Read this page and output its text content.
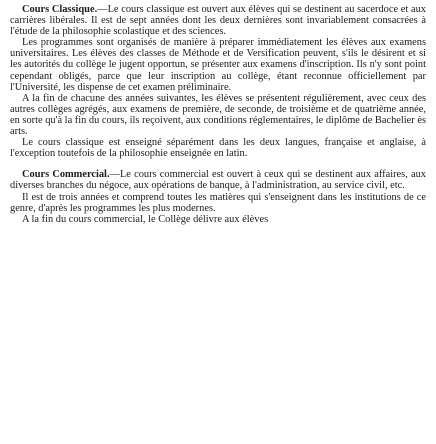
Cours Classique.—Le cours classique est ouvert aux élèves qui se destinent au sacerdoce et aux carrières libérales. Il est de sept années dont les deux dernières sont invariablement consacrées à l'étude de la philosophie scolastique et des sciences.

Les programmes sont organisés de manière à préparer immédiatement les élèves aux examens universitaires. Les élèves des classes de Méthode et de Versification peuvent, s'ils le désirent et si les autorités du collège le jugent opportun, se présenter aux examens d'inscription. Ils n'y sont point cependant obligés, parce que leur inscription au collège, étant reconnue officiellement par l'Université, les dispense de cet examen préliminaire.

A la fin de chacune des années suivantes, les élèves se présentent régulièrement, avec ceux des autres collèges agrégés, aux examens de première, de seconde, de troisième et de quatrième année, en sorte qu'à la fin du cours, ils reçoivent, aux conditions réglementaires, le diplôme de Bachelier ès arts.

Le cours classique est enseigné séparément dans les deux langues, française et anglaise, à l'exception toutefois de la philosophie enseignée en latin.

Cours Commercial.—Le cours commercial est ouvert à ceux qui se destinent aux affaires, aux diverses branches du négoce, aux opérations de banque, à l'administration, au service civil, etc.

Il est de trois années et comprend toutes les matières qui s'enseignent dans les institutions de ce genre, d'après les programmes les plus modernes.

A la fin du cours commercial, le Collège délivre aux élèves
